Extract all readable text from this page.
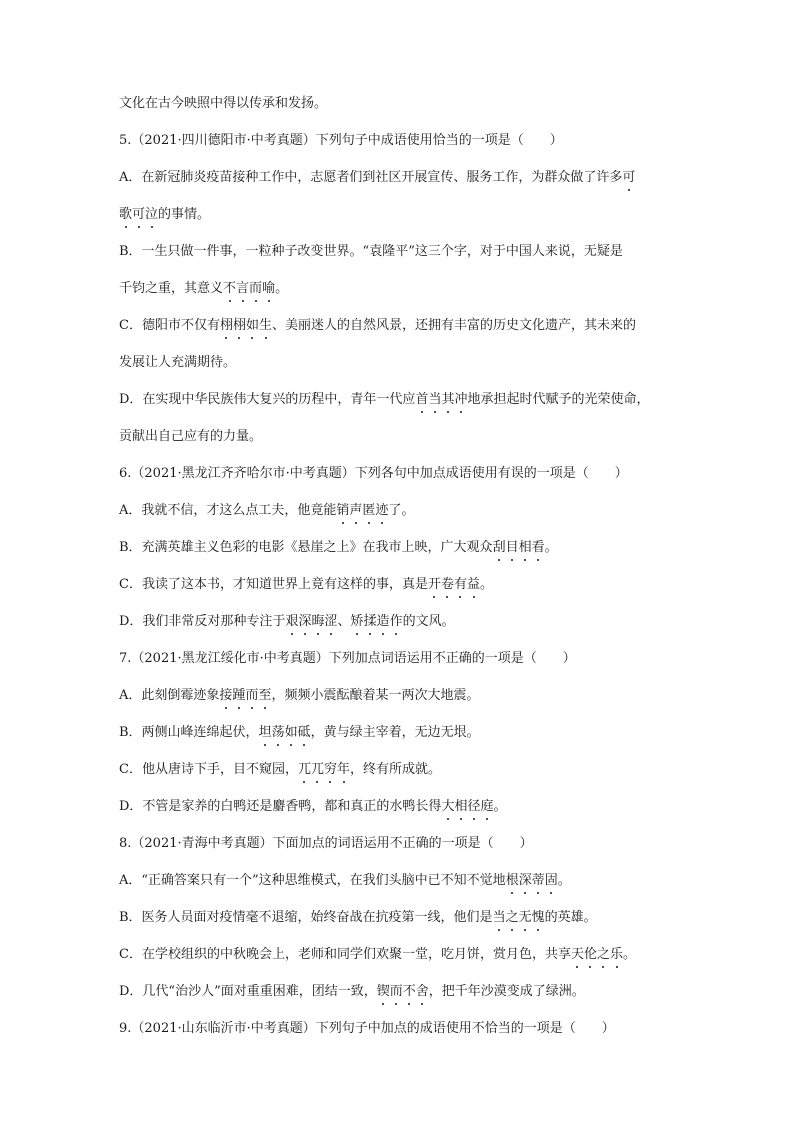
文化在古今映照中得以传承和发扬。
5.（2021·四川德阳市·中考真题）下列句子中成语使用恰当的一项是（　　）
A．在新冠肺炎疫苗接种工作中，志愿者们到社区开展宣传、服务工作，为群众做了许多可
歌可泣的事情。
B．一生只做一件事，一粒种子改变世界。“袁隆平”这三个字，对于中国人来说，无疑是
千钧之重，其意义不言而喻。
C．德阳市不仅有栩栩如生、美丽迷人的自然风景，还拥有丰富的历史文化遗产，其未来的
发展让人充满期待。
D．在实现中华民族伟大复兴的历程中，青年一代应首当其冲地承担起时代赋予的光荣使命，
贡献出自己应有的力量。
6.（2021·黑龙江齐齐哈尔市·中考真题）下列各句中加点成语使用有误的一项是（　　）
A．我就不信，才这么点工夫，他竟能销声匿迹了。
B．充满英雄主义色彩的电影《悬崖之上》在我市上映，广大观众刮目相看。
C．我读了这本书，才知道世界上竟有这样的事，真是开卷有益。
D．我们非常反对那种专注于艰深晦涩、矫揉造作的文风。
7.（2021·黑龙江绥化市·中考真题）下列加点词语运用不正确的一项是（　　）
A．此刻倒霉迹象接踵而至，频频小震酝酿着某一两次大地震。
B．两侧山峰连绵起伏，坦荡如砥，黄与绿主宰着，无边无垠。
C．他从唐诗下手，目不窥园，兀兀穷年，终有所成就。
D．不管是家养的白鸭还是麝香鸭，都和真正的水鸭长得大相径庭。
8.（2021·青海中考真题）下面加点的词语运用不正确的一项是（　　）
A．“正确答案只有一个”这种思维模式，在我们头脑中已不知不觉地根深蒂固。
B．医务人员面对疫情毫不退缩，始终奋战在抗疫第一线，他们是当之无愧的英雄。
C．在学校组织的中秋晚会上，老师和同学们欢聚一堂，吃月饼，赏月色，共享天伦之乐。
D．几代“治沙人”面对重重困难，团结一致，锲而不舍，把千年沙漠变成了绿洲。
9.（2021·山东临沂市·中考真题）下列句子中加点的成语使用不恰当的一项是（　　）
